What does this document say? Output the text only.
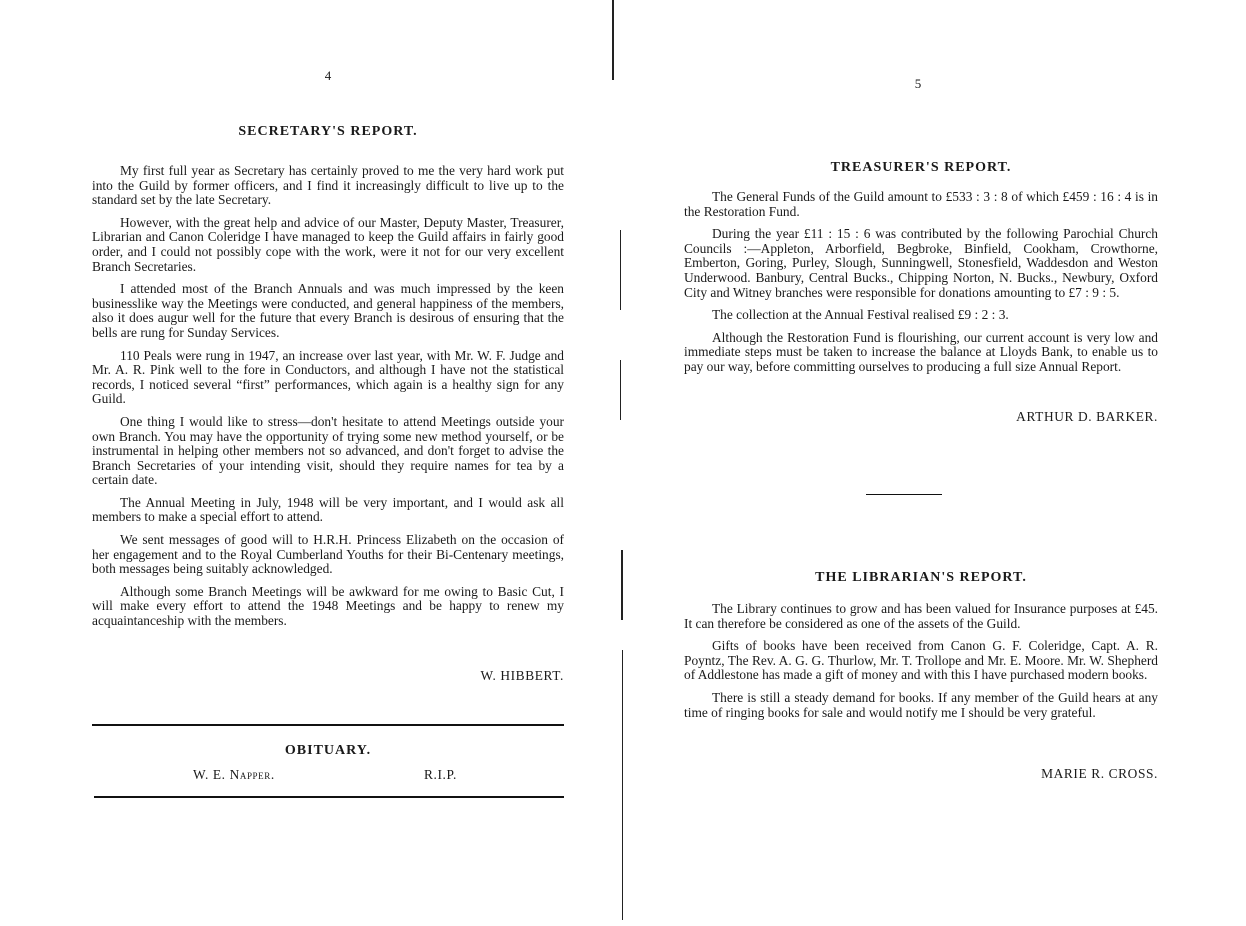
4
SECRETARY'S REPORT.

My first full year as Secretary has certainly proved to me the very hard work put into the Guild by former officers, and I find it increasingly difficult to live up to the standard set by the late Secretary.

However, with the great help and advice of our Master, Deputy Master, Treasurer, Librarian and Canon Coleridge I have managed to keep the Guild affairs in fairly good order, and I could not possibly cope with the work, were it not for our very excellent Branch Secretaries.

I attended most of the Branch Annuals and was much impressed by the keen businesslike way the Meetings were conducted, and general happiness of the members, also it does augur well for the future that every Branch is desirous of ensuring that the bells are rung for Sunday Services.

110 Peals were rung in 1947, an increase over last year, with Mr. W. F. Judge and Mr. A. R. Pink well to the fore in Conductors, and although I have not the statistical records, I noticed several “first” performances, which again is a healthy sign for any Guild.

One thing I would like to stress—don't hesitate to attend Meetings outside your own Branch. You may have the opportunity of trying some new method yourself, or be instrumental in helping other members not so advanced, and don't forget to advise the Branch Secretaries of your intending visit, should they require names for tea by a certain date.

The Annual Meeting in July, 1948 will be very important, and I would ask all members to make a special effort to attend.

We sent messages of good will to H.R.H. Princess Elizabeth on the occasion of her engagement and to the Royal Cumberland Youths for their Bi-Centenary meetings, both messages being suitably acknowledged.

Although some Branch Meetings will be awkward for me owing to Basic Cut, I will make every effort to attend the 1948 Meetings and be happy to renew my acquaintanceship with the members.

W. HIBBERT.
OBITUARY.
W. E. Napper.	R.I.P.
5
TREASURER'S REPORT.

The General Funds of the Guild amount to £533 : 3 : 8 of which £459 : 16 : 4 is in the Restoration Fund.

During the year £11 : 15 : 6 was contributed by the following Parochial Church Councils :—Appleton, Arborfield, Begbroke, Binfield, Cookham, Crowthorne, Emberton, Goring, Purley, Slough, Sunningwell, Stonesfield, Waddesdon and Weston Underwood. Banbury, Central Bucks., Chipping Norton, N. Bucks., Newbury, Oxford City and Witney branches were responsible for donations amounting to £7 : 9 : 5.

The collection at the Annual Festival realised £9 : 2 : 3.

Although the Restoration Fund is flourishing, our current account is very low and immediate steps must be taken to increase the balance at Lloyds Bank, to enable us to pay our way, before committing ourselves to producing a full size Annual Report.

ARTHUR D. BARKER.
THE LIBRARIAN'S REPORT.

The Library continues to grow and has been valued for Insurance purposes at £45. It can therefore be considered as one of the assets of the Guild.

Gifts of books have been received from Canon G. F. Coleridge, Capt. A. R. Poyntz, The Rev. A. G. G. Thurlow, Mr. T. Trollope and Mr. E. Moore. Mr. W. Shepherd of Addlestone has made a gift of money and with this I have purchased modern books.

There is still a steady demand for books. If any member of the Guild hears at any time of ringing books for sale and would notify me I should be very grateful.

MARIE R. CROSS.
